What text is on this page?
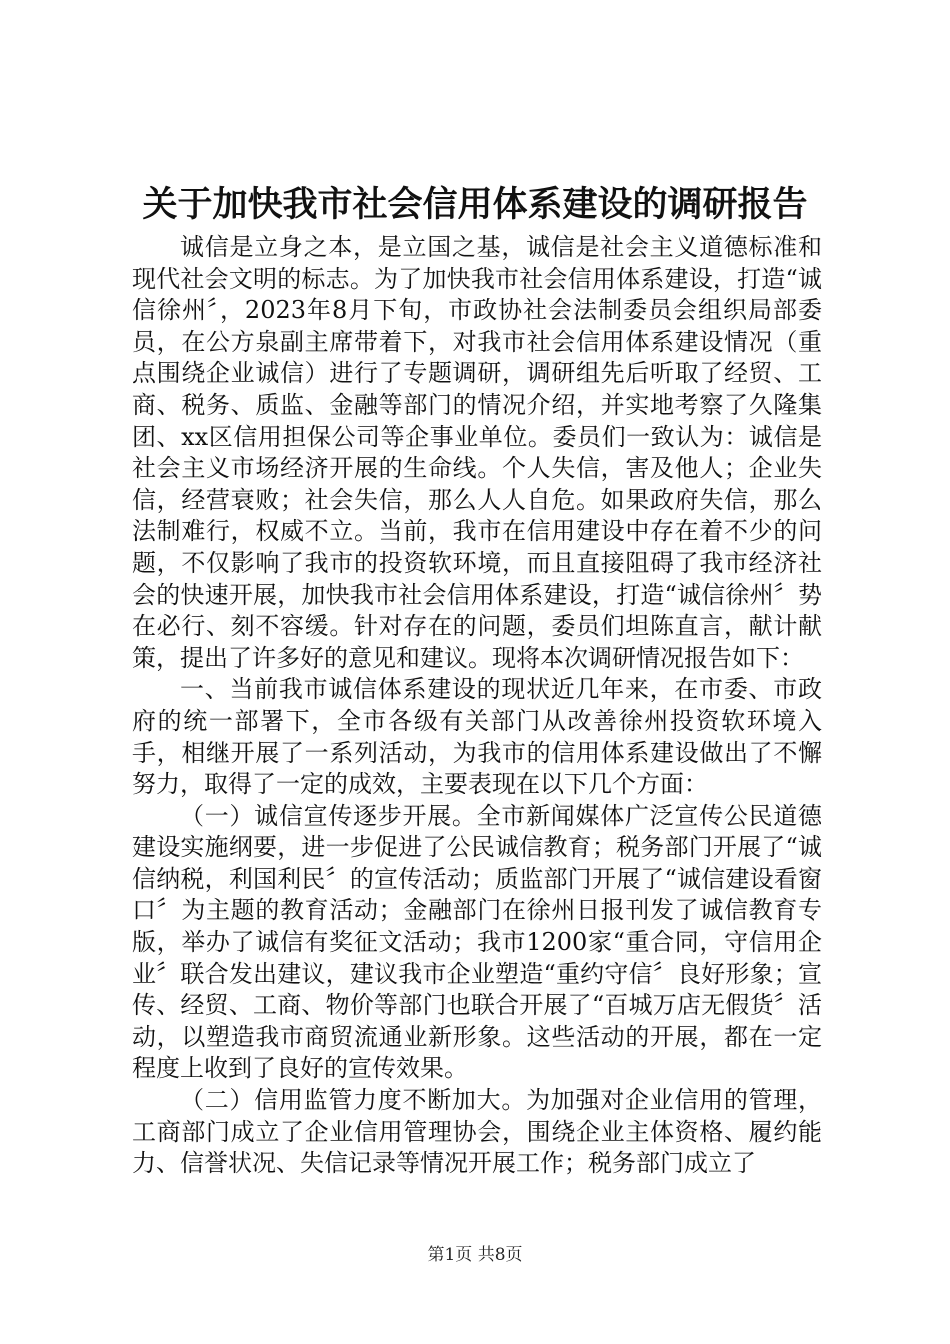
关于加快我市社会信用体系建设的调研报告

诚信是立身之本，是立国之基，诚信是社会主义道德标准和现代社会文明的标志。为了加快我市社会信用体系建设，打造“诚信徐州〞，2023年8月下旬，市政协社会法制委员会组织局部委员，在公方泉副主席带着下，对我市社会信用体系建设情况（重点围绕企业诚信）进行了专题调研，调研组先后听取了经贸、工商、税务、质监、金融等部门的情况介绍，并实地考察了久隆集团、xx区信用担保公司等企事业单位。委员们一致认为：诚信是社会主义市场经济开展的生命线。个人失信，害及他人；企业失信，经营衰败；社会失信，那么人人自危。如果政府失信，那么法制难行，权威不立。当前，我市在信用建设中存在着不少的问题，不仅影响了我市的投资软环境，而且直接阻碍了我市经济社会的快速开展，加快我市社会信用体系建设，打造“诚信徐州〞势在必行、刻不容缓。针对存在的问题，委员们坦陈直言，献计献策，提出了许多好的意见和建议。现将本次调研情况报告如下：

一、当前我市诚信体系建设的现状近几年来，在市委、市政府的统一部署下，全市各级有关部门从改善徐州投资软环境入手，相继开展了一系列活动，为我市的信用体系建设做出了不懈努力，取得了一定的成效，主要表现在以下几个方面：

（一）诚信宣传逐步开展。全市新闻媒体广泛宣传公民道德建设实施纲要，进一步促进了公民诚信教育；税务部门开展了“诚信纳税，利国利民〞的宣传活动；质监部门开展了“诚信建设看窗口〞为主题的教育活动；金融部门在徐州日报刊发了诚信教育专版，举办了诚信有奖征文活动；我市1200家“重合同，守信用企业〞联合发出建议，建议我市企业塑造“重约守信〞良好形象；宣传、经贸、工商、物价等部门也联合开展了“百城万店无假货〞活动，以塑造我市商贸流通业新形象。这些活动的开展，都在一定程度上收到了良好的宣传效果。

（二）信用监管力度不断加大。为加强对企业信用的管理，工商部门成立了企业信用管理协会，围绕企业主体资格、履约能力、信誉状况、失信记录等情况开展工作；税务部门成立了

第1页 共8页
